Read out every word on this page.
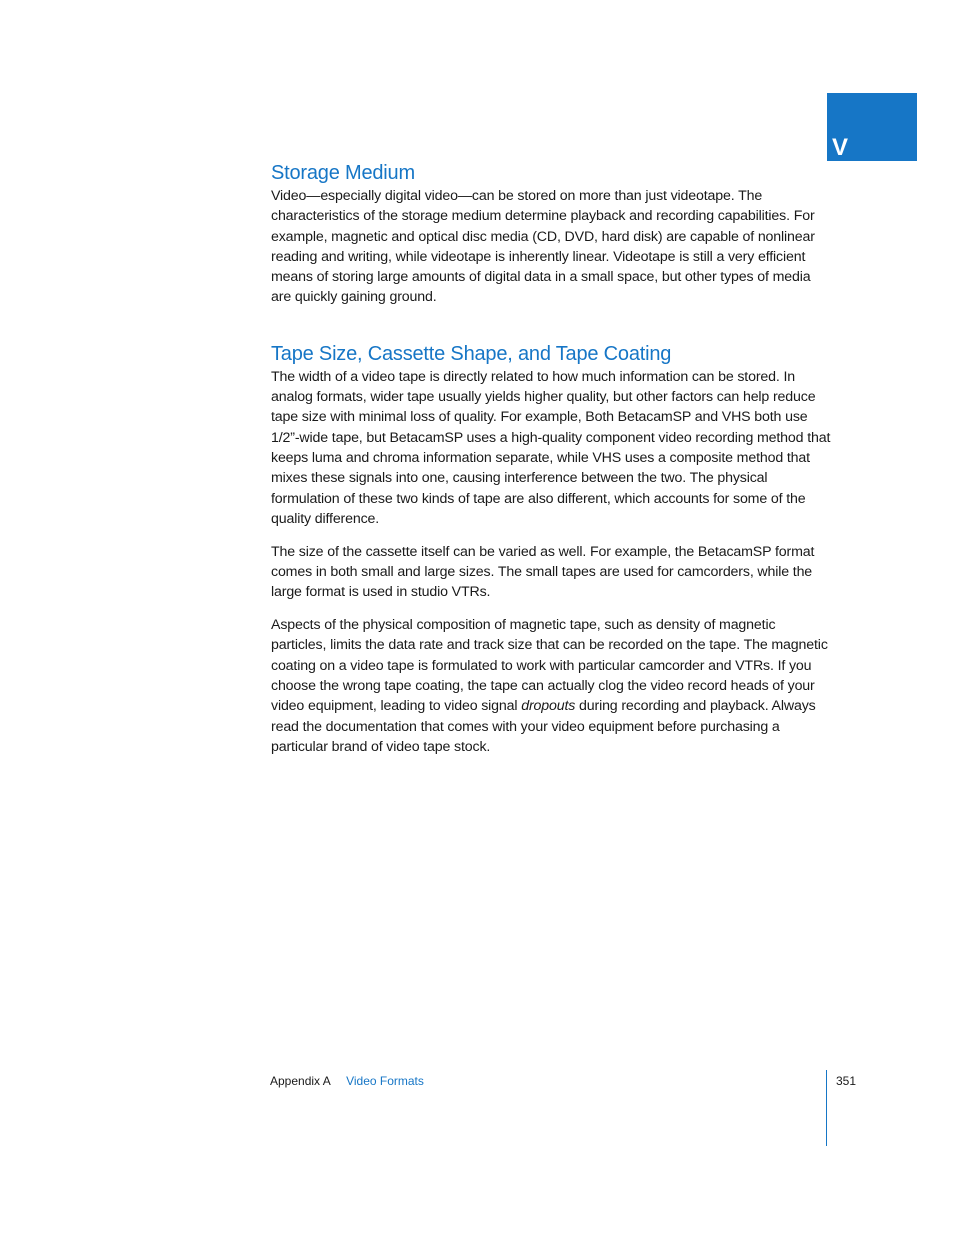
V
Storage Medium

Video—especially digital video—can be stored on more than just videotape. The characteristics of the storage medium determine playback and recording capabilities. For example, magnetic and optical disc media (CD, DVD, hard disk) are capable of nonlinear reading and writing, while videotape is inherently linear. Videotape is still a very efficient means of storing large amounts of digital data in a small space, but other types of media are quickly gaining ground.

Tape Size, Cassette Shape, and Tape Coating

The width of a video tape is directly related to how much information can be stored. In analog formats, wider tape usually yields higher quality, but other factors can help reduce tape size with minimal loss of quality. For example, Both BetacamSP and VHS both use 1/2”-wide tape, but BetacamSP uses a high-quality component video recording method that keeps luma and chroma information separate, while VHS uses a composite method that mixes these signals into one, causing interference between the two. The physical formulation of these two kinds of tape are also different, which accounts for some of the quality difference.

The size of the cassette itself can be varied as well. For example, the BetacamSP format comes in both small and large sizes. The small tapes are used for camcorders, while the large format is used in studio VTRs.

Aspects of the physical composition of magnetic tape, such as density of magnetic particles, limits the data rate and track size that can be recorded on the tape. The magnetic coating on a video tape is formulated to work with particular camcorder and VTRs. If you choose the wrong tape coating, the tape can actually clog the video record heads of your video equipment, leading to video signal dropouts during recording and playback. Always read the documentation that comes with your video equipment before purchasing a particular brand of video tape stock.

Appendix A Video Formats	351
